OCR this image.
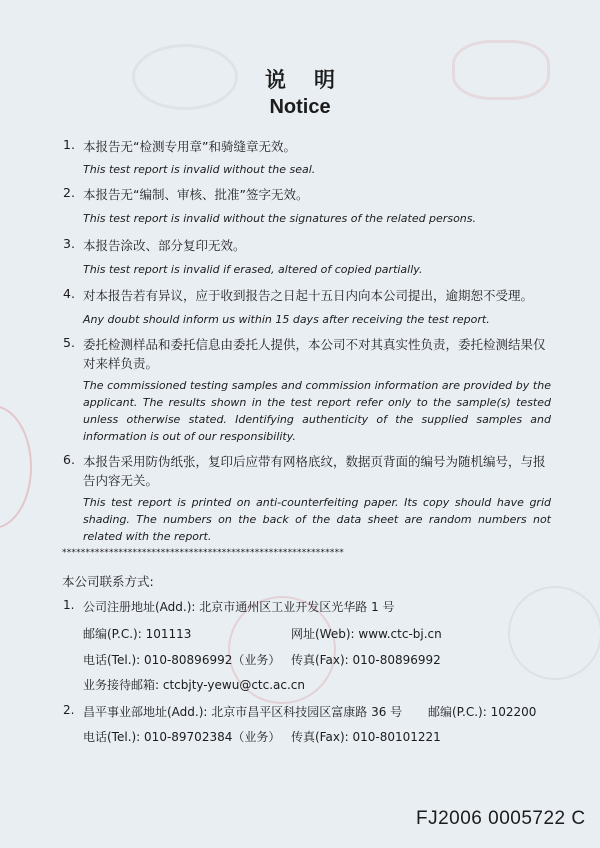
说明
Notice
1. 本报告无“检测专用章”和骑缝章无效。
This test report is invalid without the seal.
2. 本报告无“编制、审核、批准”签字无效。
This test report is invalid without the signatures of the related persons.
3. 本报告涂改、部分复印无效。
This test report is invalid if erased, altered of copied partially.
4. 对本报告若有异议，应于收到报告之日起十五日内向本公司提出，逾期恕不受理。
Any doubt should inform us within 15 days after receiving the test report.
5. 委托检测样品和委托信息由委托人提供，本公司不对其真实性负责，委托检测结果仅对来样负责。
The commissioned testing samples and commission information are provided by the applicant. The results shown in the test report refer only to the sample(s) tested unless otherwise stated. Identifying authenticity of the supplied samples and information is out of our responsibility.
6. 本报告采用防伪纸张，复印后应带有网格底纹，数据页背面的编号为随机编号，与报告内容无关。
This test report is printed on anti-counterfeiting paper. Its copy should have grid shading. The numbers on the back of the data sheet are random numbers not related with the report.
************************************************************
本公司联系方式:
1. 公司注册地址(Add.): 北京市通州区工业开发区光华路 1 号
邮编(P.C.): 101113	网址(Web): www.ctc-bj.cn
电话(Tel.): 010-80896992（业务） 传真(Fax): 010-80896992
业务接待邮箱: ctcbjty-yewu@ctc.ac.cn
2. 昌平事业部地址(Add.): 北京市昌平区科技园区富康路 36 号 邮编(P.C.): 102200
电话(Tel.): 010-89702384（业务） 传真(Fax): 010-80101221
FJ2006 0005722 C
